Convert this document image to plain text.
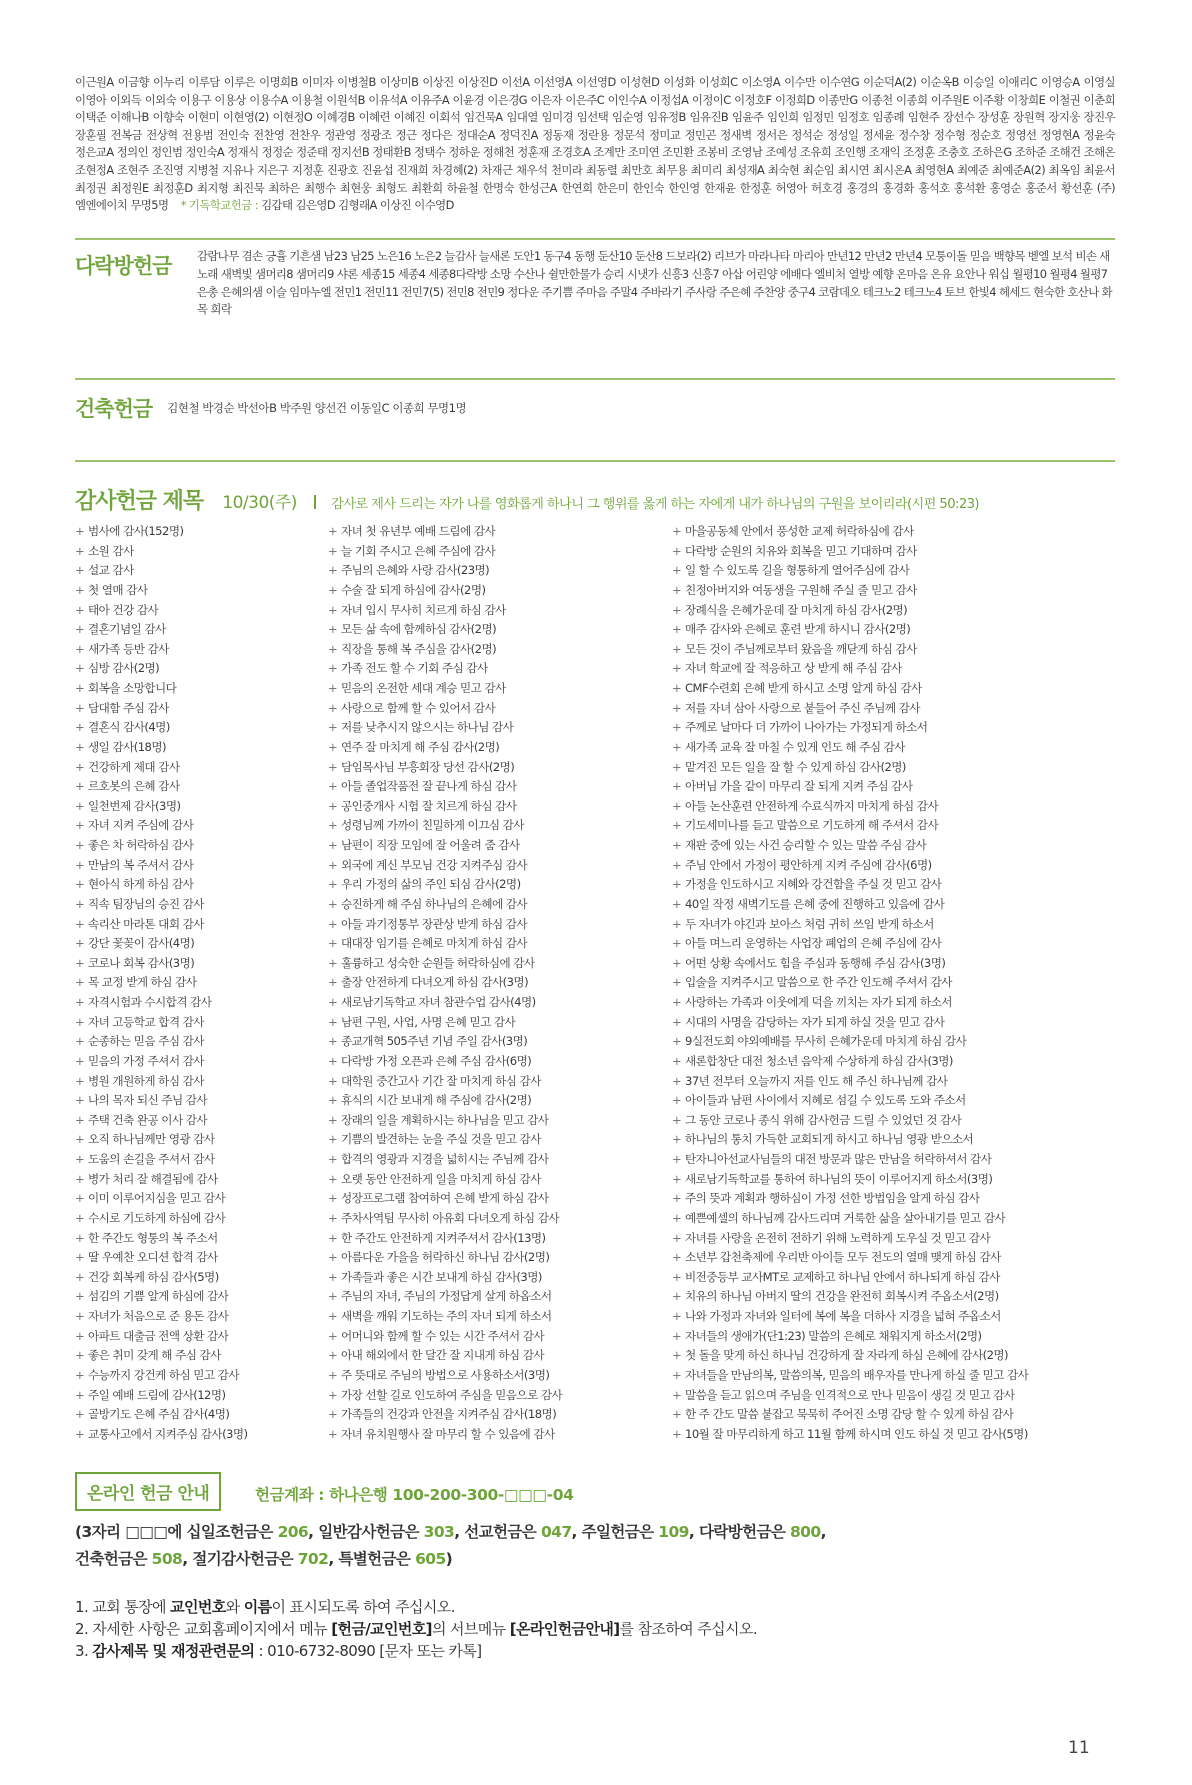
이근원A 이금향 이누리 이루담 이루은 이명희B 이미자 이병철B 이상미B 이상진 이상진D 이선A 이선영A 이선영D 이성현D 이성화 이성희C 이소영A 이수만 이수연G 이순덕A(2) 이순옥B 이승일 이애리C 이영승A 이영실 이영아 이외득 이외숙 이용구 이용상 이용수A 이용철 이원석B 이유석A 이유주A 이윤경 이은경G 이은자 이은주C 이인수A 이정섭A 이정이C 이정호F 이정희D 이종만G 이종천 이종희 이주원E 이주황 이창희E 이철권 이춘희 이택준 이해나B 이향숙 이현미 이현영(2) 이현정O 이혜경B 이혜련 이혜진 이회석 임건묵A 임대열 임미경 임선택 임순영 임유정B 임유진B 임윤주 임인희 임정민 임정호 임종례 임현주 장선수 장성훈 장원혁 장지웅 장진우 장훈필 전복금 전상혁 전용범 전인숙 전찬영 전찬우 정관영 정광조 정근 정다은 정대순A 정덕진A 정동재 정란용 정문석 정미교 정민곤 정새벽 정서은 정석순 정성일 정세윤 정수창 정수형 정순호 정영선 정영현A 정윤숙 정은교A 정의인 정인범 정인숙A 정재식 정정순 정준태 정지선B 정태환B 정택수 정하운 정해천 정훈재 조경호A 조계만 조미연 조민환 조봉비 조영남 조예성 조유희 조인행 조재익 조정훈 조충호 조하은G 조하준 조해건 조해온 조현정A 조현주 조진영 지병철 지유나 지은구 지정훈 진광호 진윤섭 진재희 차경혜(2) 차재근 채우석 천미라 최동렬 최만호 최무용 최미리 최성재A 최숙현 최순임 최시연 최시온A 최영현A 최예준 최예준A(2) 최옥임 최윤서 최정권 최정원E 최정훈D 최지형 최진묵 최하은 최행수 최현웅 최형도 최환희 하윤철 한명숙 한성근A 한연희 한은미 한인숙 한인영 한재윤 한정훈 허영아 허호경 홍경의 홍경화 홍석호 홍석환 홍영순 홍준서 황선훈 (주)엠엔에이치 무명5명 * 기독학교헌금 : 김갑태 김은영D 김형래A 이상진 이수영D
다락방헌금 감람나무 겸손 긍휼 기흔샘 남23 남25 노은16 노은2 늘감사 늘새론 도안1 동구4 동행 둔산10 둔산8 드보라(2) 리브가 마라나타 마리아 만년12 만년2 만년4 모퉁이돌 믿음 백향목 벧엘 보석 비손 새노래 새벽빛 샘머리8 샘머리9 샤론 세종15 세종4 세종8다락방 소망 수산나 쉴만한물가 승리 시냇가 신흥3 신흥7 아삽 어린양 에배다 엘비처 열방 예향 온마음 온유 요안나 워십 월평10 월평4 월평7 은총 은혜의샘 이슬 임마누엘 전민1 전민11 전민7(5) 전민8 전민9 정다운 주기쁨 주마음 주말4 주바라기 주사랑 주은혜 주찬양 중구4 코람데오 테크노2 테크노4 토브 한빛4 헤세드 현숙한 호산나 화목 희락
건축헌금 김현철 박경순 박선아B 박주원 양선건 이동일C 이종희 무명1명
감사헌금 제목 10/30(주)	감사로 제사 드리는 자가 나를 영화롭게 하나니 그 행위를 옳게 하는 자에게 내가 하나님의 구원을 보이리라(시편 50:23)
+ 범사에 감사(152명)
+ 소원 감사
+ 설교 감사
+ 첫 열매 감사
+ 태아 건강 감사
+ 결혼기념일 감사
+ 새가족 등반 감사
+ 심방 감사(2명)
+ 회복을 소망합니다
+ 담대함 주심 감사
+ 결혼식 감사(4명)
+ 생일 감사(18명)
+ 건강하게 제대 감사
+ 르호봇의 은혜 감사
+ 일천번제 감사(3명)
+ 자녀 지켜 주심에 감사
+ 좋은 차 허락하심 감사
+ 만남의 복 주셔서 감사
+ 현아식 하게 하심 감사
+ 직속 팀장님의 승진 감사
+ 속리산 마라톤 대회 감사
+ 강단 꽃꽂이 감사(4명)
+ 코로나 회복 감사(3명)
+ 목 교정 받게 하심 감사
+ 자격시험과 수시합격 감사
+ 자녀 고등학교 합격 감사
+ 순종하는 믿음 주심 감사
+ 믿음의 가정 주셔서 감사
+ 병원 개원하게 하심 감사
+ 나의 목자 되신 주님 감사
+ 주택 건축 완공 이사 감사
+ 오직 하나님께만 영광 감사
+ 도움의 손길을 주셔서 감사
+ 병가 처리 잘 해결됨에 감사
+ 이미 이루어지심을 믿고 감사
+ 수시로 기도하게 하심에 감사
+ 한 주간도 형통의 복 주소서
+ 딸 우예찬 오디션 합격 감사
+ 건강 회복케 하심 감사(5명)
+ 섬김의 기쁨 알게 하심에 감사
+ 자녀가 처음으로 준 용돈 감사
+ 아파트 대출금 전액 상환 감사
+ 좋은 취미 갖게 해 주심 감사
+ 수능까지 강건케 하심 믿고 감사
+ 주일 예배 드림에 감사(12명)
+ 골방기도 은혜 주심 감사(4명)
+ 교통사고에서 지켜주심 감사(3명)
+ 자녀 첫 유년부 예배 드림에 감사
+ 늘 기회 주시고 은혜 주심에 감사
+ 주님의 은혜와 사랑 감사(23명)
+ 수술 잘 되게 하심에 감사(2명)
+ 자녀 입시 무사히 치르게 하심 감사
+ 모든 삶 속에 함께하심 감사(2명)
+ 직장을 통해 복 주심을 감사(2명)
+ 가족 전도 할 수 기회 주심 감사
+ 믿음의 온전한 세대 계승 믿고 감사
+ 사랑으로 함께 할 수 있어서 감사
+ 저를 낮추시지 않으시는 하나님 감사
+ 연주 잘 마치게 해 주심 감사(2명)
+ 담임목사님 부흥회장 당선 감사(2명)
+ 아들 졸업작품전 잘 끝나게 하심 감사
+ 공인중개사 시험 잘 치르게 하심 감사
+ 성령님께 가까이 친밀하게 이끄심 감사
+ 남편이 직장 모임에 잘 어울려 줌 감사
+ 외국에 계신 부모님 건강 지켜주심 감사
+ 우리 가정의 삶의 주인 되심 감사(2명)
+ 승진하게 해 주심 하나님의 은혜에 감사
+ 아들 과기정통부 장관상 받게 하심 감사
+ 대대장 임기를 은혜로 마치게 하심 감사
+ 훌륭하고 성숙한 순원들 허락하심에 감사
+ 출장 안전하게 다녀오게 하심 감사(3명)
+ 새로남기독학교 자녀 참관수업 감사(4명)
+ 남편 구원, 사업, 사명 은혜 믿고 감사
+ 종교개혁 505주년 기념 주일 감사(3명)
+ 다락방 가정 오픈과 은혜 주심 감사(6명)
+ 대학원 중간고사 기간 잘 마치게 하심 감사
+ 휴식의 시간 보내게 해 주심에 감사(2명)
+ 장래의 일을 계획하시는 하나님을 믿고 감사
+ 기쁨의 발견하는 눈을 주실 것을 믿고 감사
+ 합격의 영광과 지경을 넓히시는 주님께 감사
+ 오랫 동안 안전하게 일을 마치게 하심 감사
+ 성장프로그램 참여하여 은혜 받게 하심 감사
+ 주차사역팀 무사히 아유회 다녀오게 하심 감사
+ 한 주간도 안전하게 지켜주셔서 감사(13명)
+ 아름다운 가을을 허락하신 하나님 감사(2명)
+ 가족들과 좋은 시간 보내게 하심 감사(3명)
+ 주님의 자녀, 주님의 가정답게 살게 하옵소서
+ 새벽을 깨워 기도하는 주의 자녀 되게 하소서
+ 어머니와 함께 할 수 있는 시간 주셔서 감사
+ 아내 해외에서 한 달간 잘 지내게 하심 감사
+ 주 뜻대로 주님의 방법으로 사용하소서(3명)
+ 가장 선할 길로 인도하여 주심을 믿음으로 감사
+ 가족들의 건강과 안전을 지켜주심 감사(18명)
+ 자녀 유치원행사 잘 마무리 할 수 있음에 감사
+ 마을공동체 안에서 풍성한 교제 허락하심에 감사
+ 다락방 순원의 치유와 회복을 믿고 기대하며 감사
+ 일 할 수 있도록 길을 형통하게 열어주심에 감사
+ 친정아버지와 여동생을 구원해 주실 줄 믿고 감사
+ 장례식을 은혜가운데 잘 마치게 하심 감사(2명)
+ 매주 감사와 은혜로 훈련 받게 하시니 감사(2명)
+ 모든 것이 주님께로부터 왔음을 깨닫게 하심 감사
+ 자녀 학교에 잘 적응하고 상 받게 해 주심 감사
+ CMF수련회 은혜 받게 하시고 소명 알게 하심 감사
+ 저를 자녀 삼아 사랑으로 붙들어 주신 주님께 감사
+ 주께로 날마다 더 가까이 나아가는 가정되게 하소서
+ 새가족 교육 잘 마칠 수 있게 인도 해 주심 감사
+ 맡겨진 모든 일을 잘 할 수 있게 하심 감사(2명)
+ 아버님 가을 같이 마무리 잘 되게 지켜 주심 감사
+ 아들 논산훈련 안전하게 수료식까지 마치게 하심 감사
+ 기도세미나를 듣고 말씀으로 기도하게 해 주셔서 감사
+ 재판 중에 있는 사건 승리할 수 있는 말씀 주심 감사
+ 주님 안에서 가정이 평안하게 지켜 주심에 감사(6명)
+ 가정을 인도하시고 지혜와 강건함을 주실 것 믿고 감사
+ 40일 작정 새벽기도를 은혜 중에 진행하고 있음에 감사
+ 두 자녀가 야긴과 보아스 처럼 귀히 쓰임 받게 하소서
+ 아들 며느리 운영하는 사업장 폐업의 은혜 주심에 감사
+ 어떤 상황 속에서도 힘을 주심과 동행해 주심 감사(3명)
+ 입술을 지켜주시고 말씀으로 한 주간 인도해 주셔서 감사
+ 사랑하는 가족과 이웃에게 덕을 끼치는 자가 되게 하소서
+ 시대의 사명을 감당하는 자가 되게 하실 것을 믿고 감사
+ 9실전도회 야외예배를 무사히 은혜가운데 마치게 하심 감사
+ 새론합창단 대전 청소년 음악제 수상하게 하심 감사(3명)
+ 37년 전부터 오늘까지 저를 인도 해 주신 하나님께 감사
+ 아이들과 남편 사이에서 지혜로 섬길 수 있도록 도와 주소서
+ 그 동안 코로나 종식 위해 감사헌금 드릴 수 있었던 것 감사
+ 하나님의 통치 가득한 교회되게 하시고 하나님 영광 받으소서
+ 탄자니아선교사님들의 대전 방문과 많은 만남을 허락하셔서 감사
+ 새로남기독학교를 통하여 하나님의 뜻이 이루어지게 하소서(3명)
+ 주의 뜻과 계획과 행하심이 가정 선한 방법임을 알게 하심 감사
+ 예쁜예셀의 하나님께 감사드리며 거룩한 삶을 살아내기를 믿고 감사
+ 자녀를 사랑을 온전히 전하기 위해 노력하게 도우실 것 믿고 감사
+ 소년부 갑천축제에 우리반 아이들 모두 전도의 열매 맺게 하심 감사
+ 비전중등부 교사MT로 교제하고 하나님 안에서 하나되게 하심 감사
+ 치유의 하나님 아버지 딸의 건강을 완전히 회복시켜 주옵소서(2명)
+ 나와 가정과 자녀와 일터에 복에 복을 더하사 지경을 넓혀 주옵소서
+ 자녀들의 생애가(단1:23) 말씀의 은혜로 채워지게 하소서(2명)
+ 첫 돌을 맞게 하신 하나님 건강하게 잘 자라게 하심 은혜에 감사(2명)
+ 자녀들을 만남의복, 말씀의복, 믿음의 배우자를 만나게 하실 줄 믿고 감사
+ 말씀을 듣고 읽으며 주님을 인격적으로 만나 믿음이 생길 것 믿고 감사
+ 한 주 간도 말씀 붙잡고 묵묵히 주어진 소명 감당 할 수 있게 하심 감사
+ 10월 잘 마무리하게 하고 11월 함께 하시며 인도 하실 것 믿고 감사(5명)
온라인 헌금 안내	헌금계좌 : 하나은행 100-200-300-□□□-04
(3자리 □□□에 십일조헌금은 206, 일반감사헌금은 303, 선교헌금은 047, 주일헌금은 109, 다락방헌금은 800,
건축헌금은 508, 절기감사헌금은 702, 특별헌금은 605)
1. 교회 통장에 교인번호와 이름이 표시되도록 하여 주십시오.
2. 자세한 사항은 교회홈페이지에서 메뉴 [헌금/교인번호]의 서브메뉴 [온라인헌금안내]를 참조하여 주십시오.
3. 감사제목 및 재정관련문의 : 010-6732-8090 [문자 또는 카톡]
11
